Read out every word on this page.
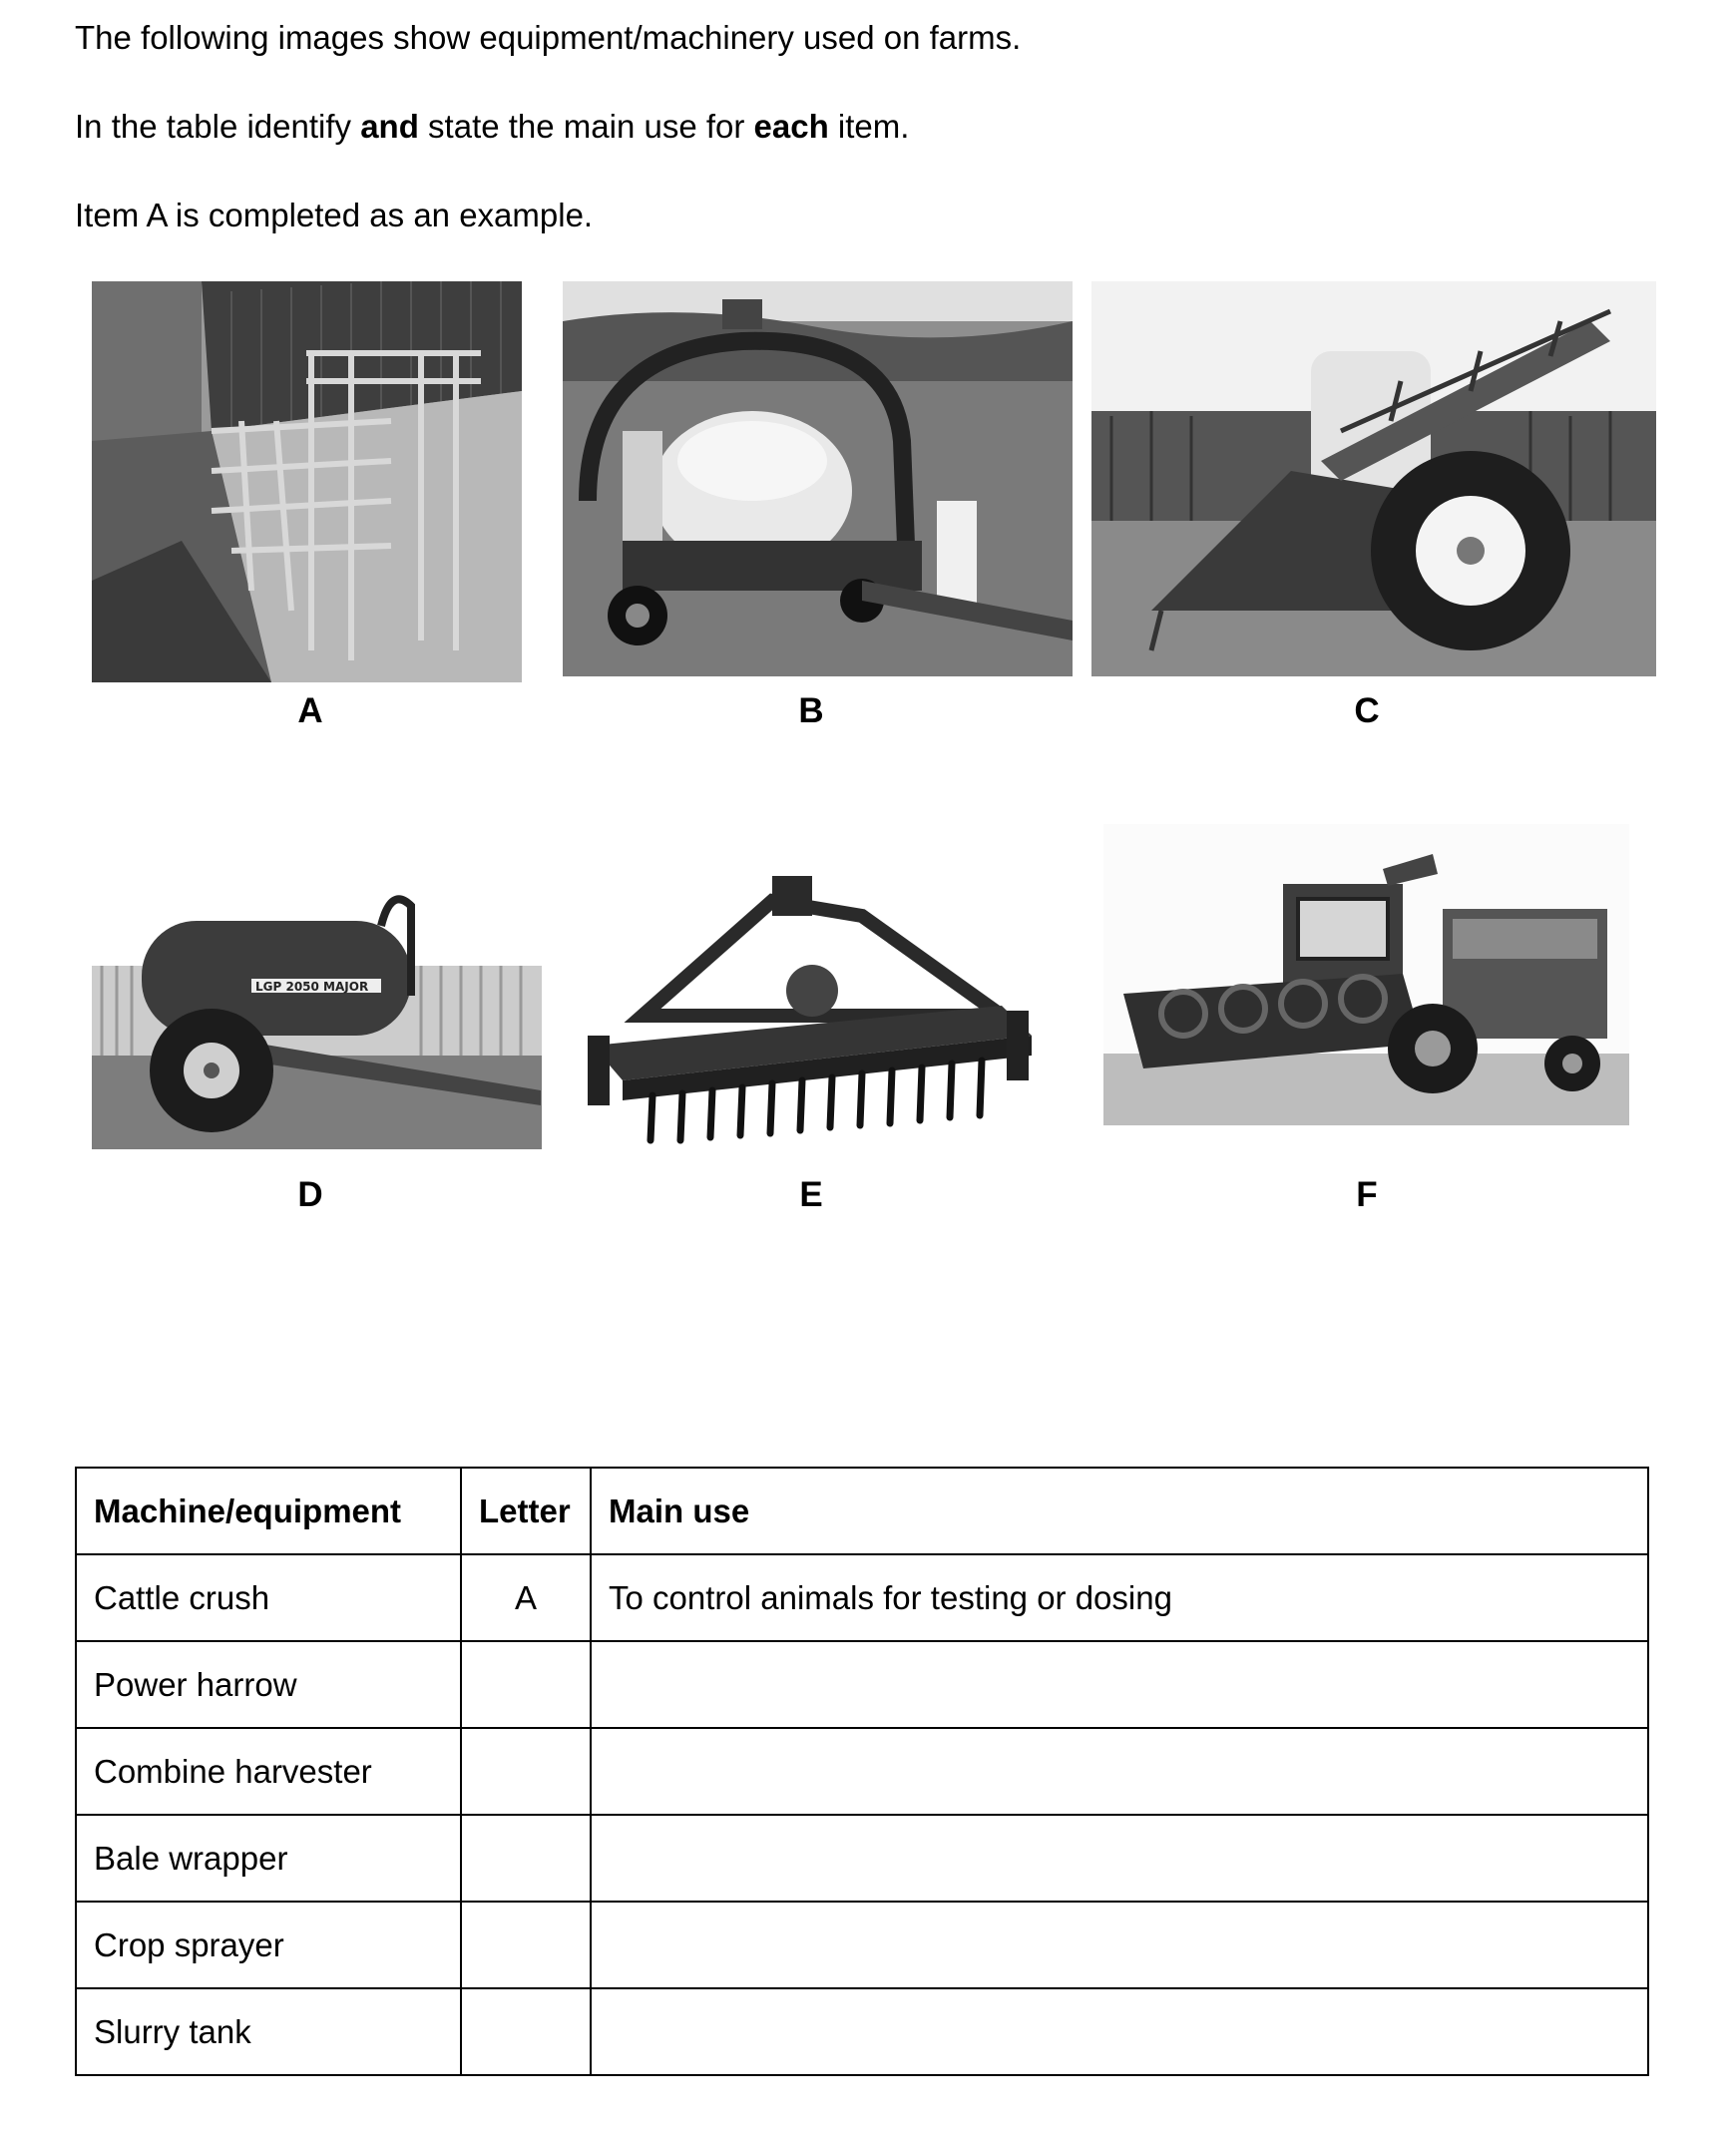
The following images show equipment/machinery used on farms.

In the table identify and state the main use for each item.

Item A is completed as an example.

A	B	C
LGP 2050 MAJOR
D	E	F
Machine/equipment	Letter	Main use
Cattle crush	A	To control animals for testing or dosing
Power harrow		
Combine harvester		
Bale wrapper		
Crop sprayer		
Slurry tank		
